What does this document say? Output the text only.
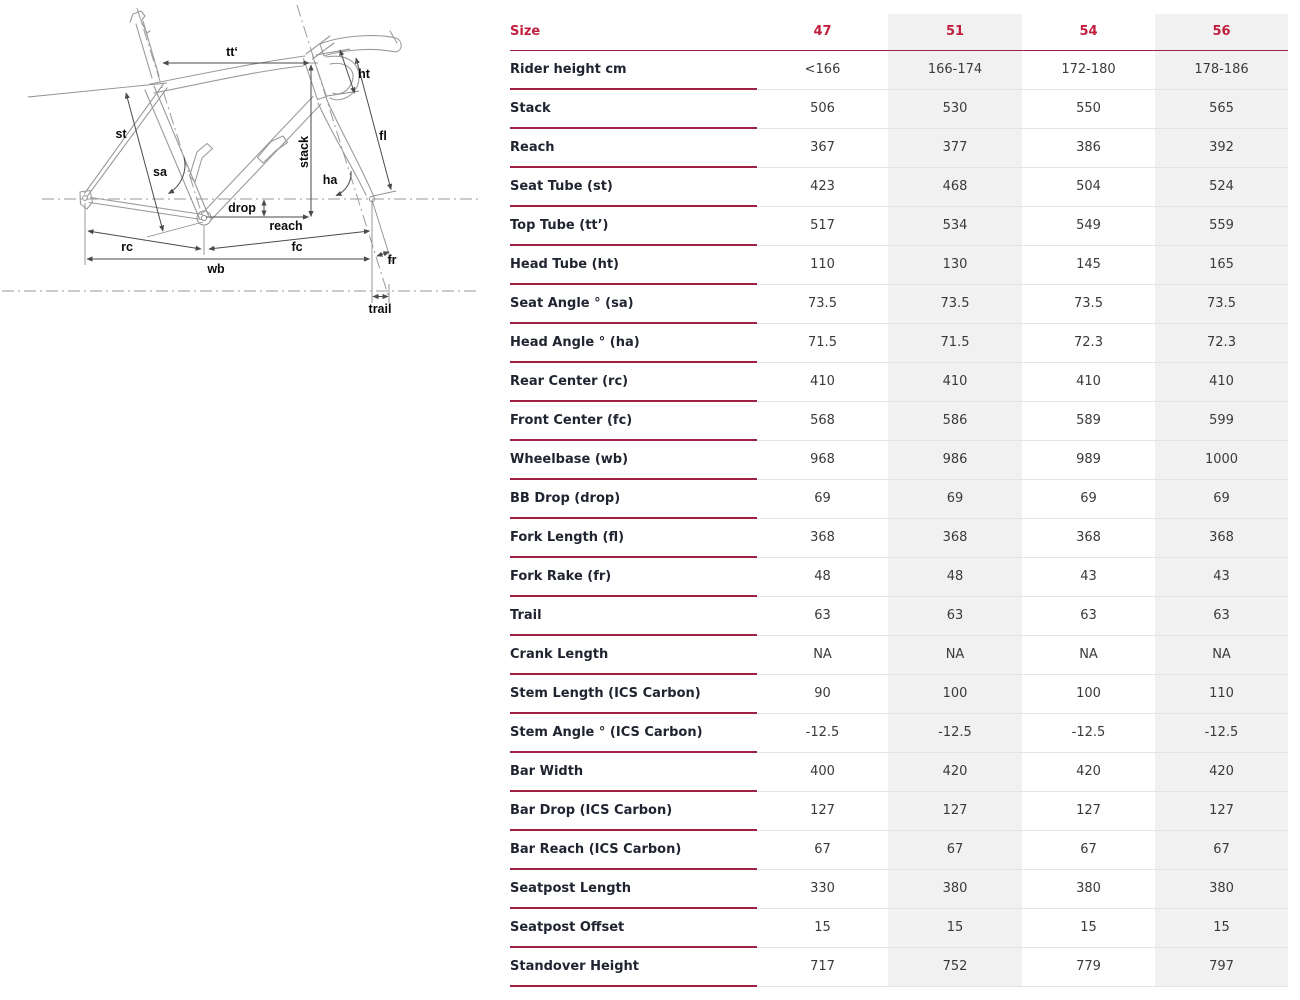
tt‘
ht
st	fl
stack
sa
ha
drop
reach
rc	fc
wb
fr
trail
Size	47	51	54	56
Rider height cm	<166	166-174	172-180	178-186
Stack	506	530	550	565
Reach	367	377	386	392
Seat Tube (st)	423	468	504	524
Top Tube (tt’)	517	534	549	559
Head Tube (ht)	110	130	145	165
Seat Angle ° (sa)	73.5	73.5	73.5	73.5
Head Angle ° (ha)	71.5	71.5	72.3	72.3
Rear Center (rc)	410	410	410	410
Front Center (fc)	568	586	589	599
Wheelbase (wb)	968	986	989	1000
BB Drop (drop)	69	69	69	69
Fork Length (fl)	368	368	368	368
Fork Rake (fr)	48	48	43	43
Trail	63	63	63	63
Crank Length	NA	NA	NA	NA
Stem Length (ICS Carbon)	90	100	100	110
Stem Angle ° (ICS Carbon)	-12.5	-12.5	-12.5	-12.5
Bar Width	400	420	420	420
Bar Drop (ICS Carbon)	127	127	127	127
Bar Reach (ICS Carbon)	67	67	67	67
Seatpost Length	330	380	380	380
Seatpost Offset	15	15	15	15
Standover Height	717	752	779	797
